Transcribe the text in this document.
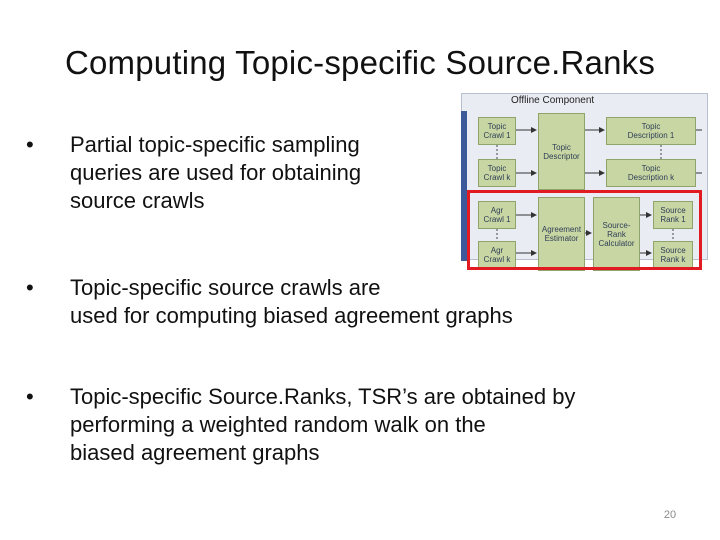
Computing Topic-specific Source.Ranks
• Partial topic-specific sampling
queries are used for obtaining
source crawls
• Topic-specific source crawls are
used for computing biased agreement graphs
• Topic-specific Source.Ranks, TSR’s are obtained by
performing a weighted random walk on the
biased agreement graphs
Offline Component
Topic
Crawl 1
Topic
Crawl k
Topic
Descriptor
Topic
Description 1
Topic
Description k
Agr
Crawl 1
Agr
Crawl k
Agreement
Estimator
Source-
Rank
Calculator
Source
Rank 1
Source
Rank k
20
